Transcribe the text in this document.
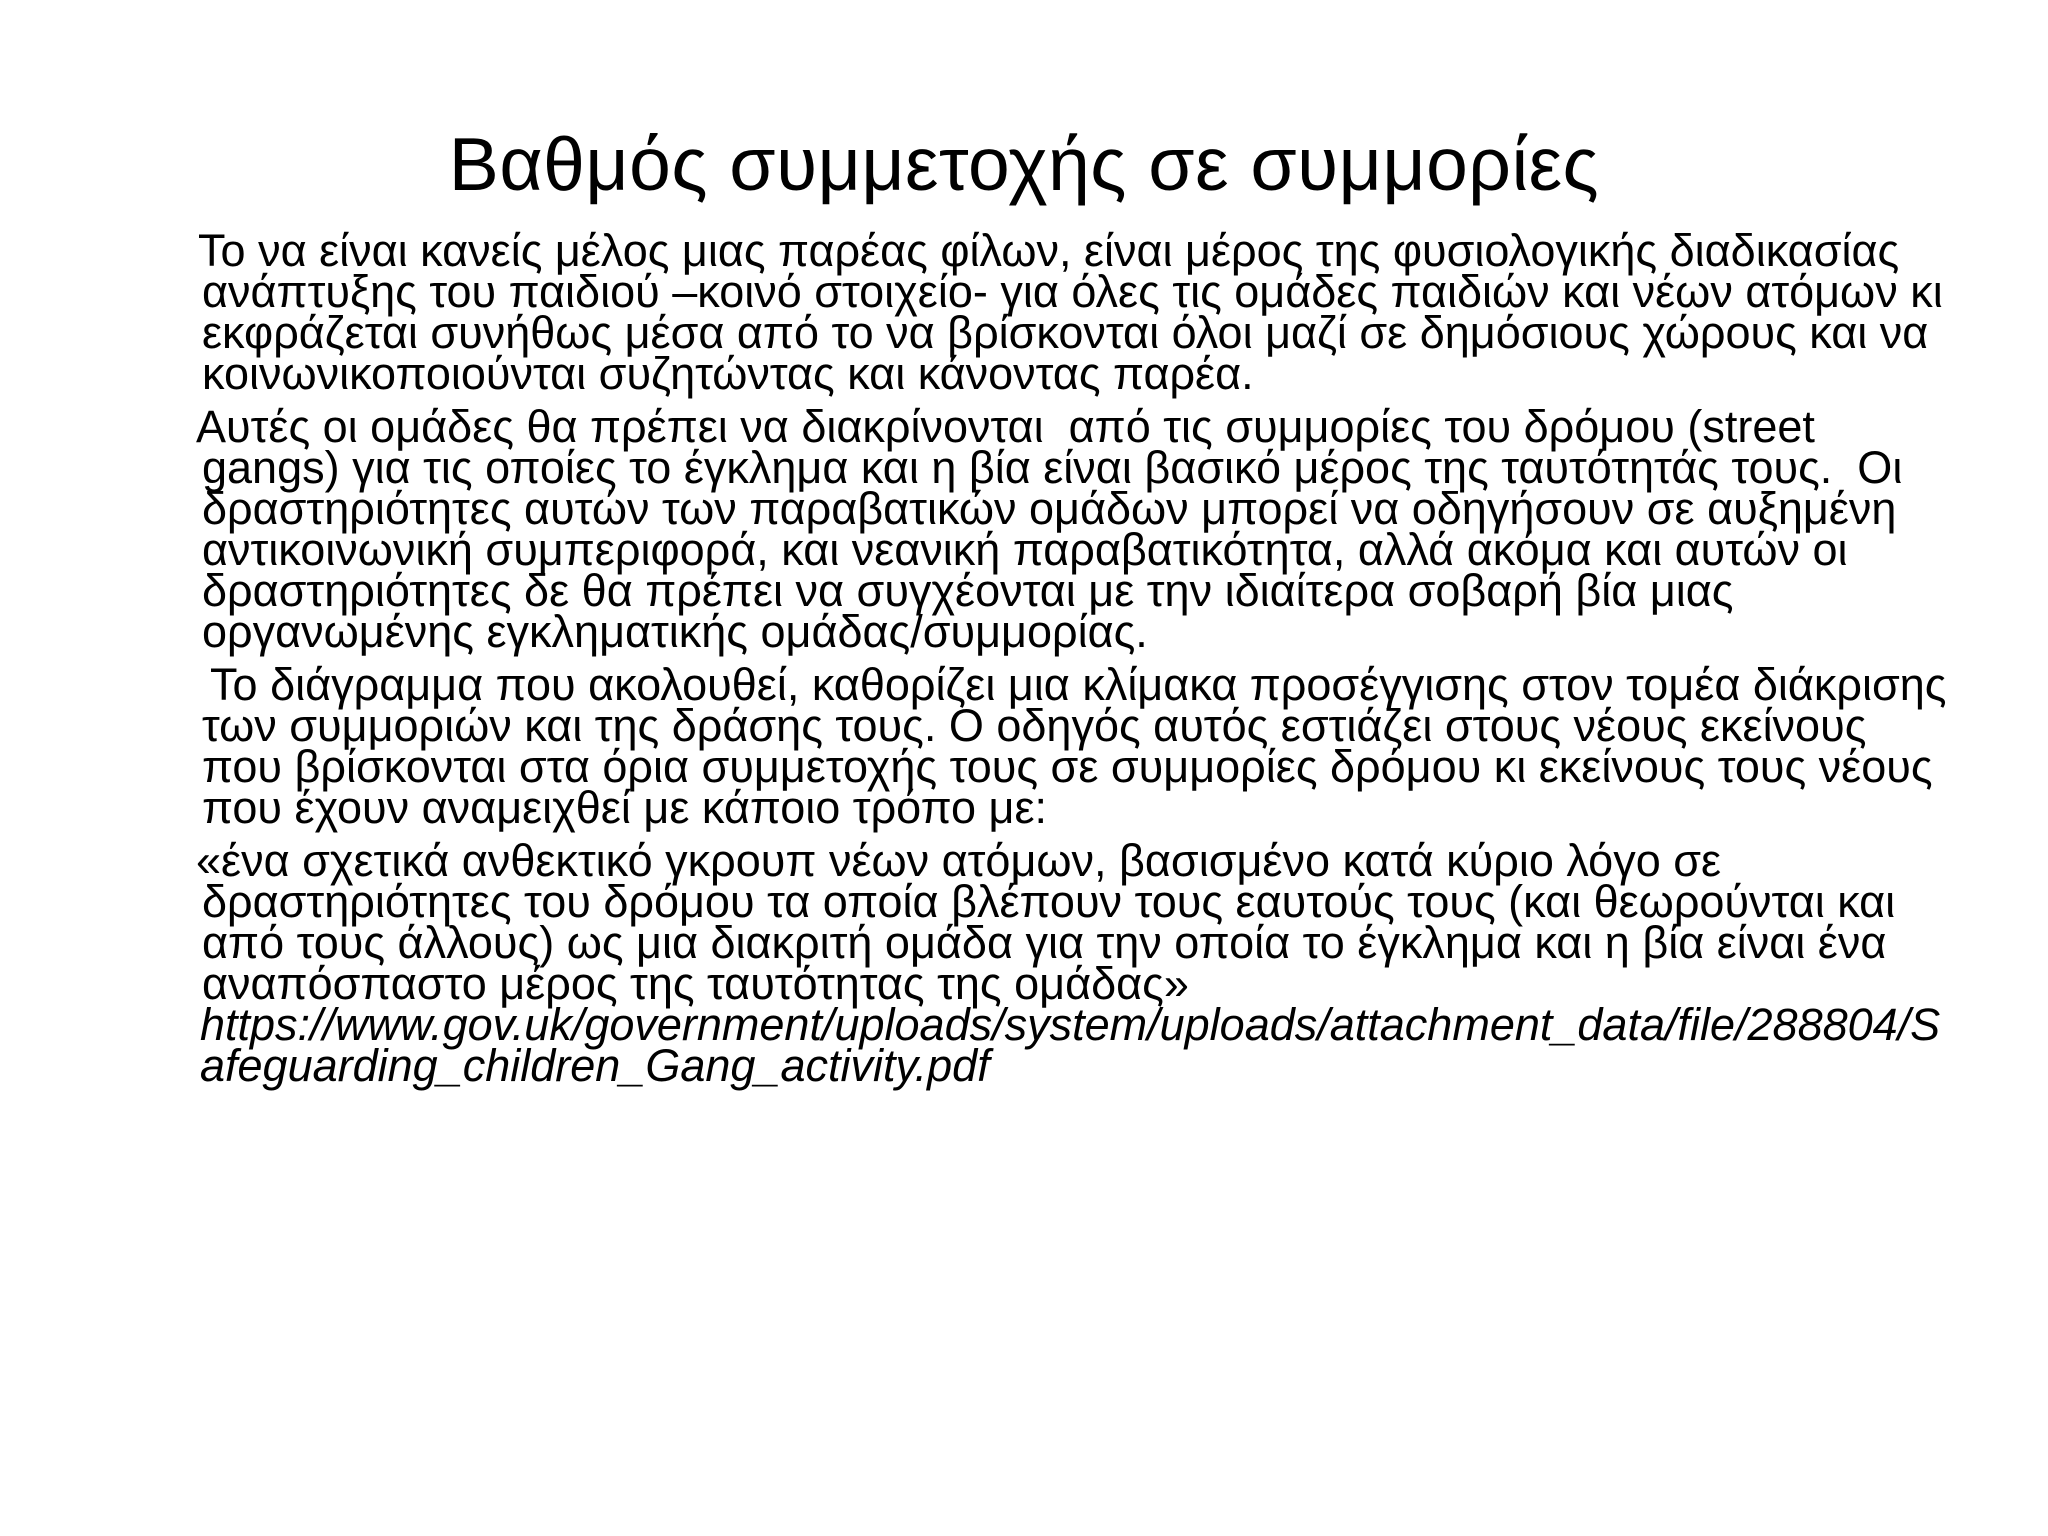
Βαθμός συμμετοχής σε συμμορίες

Το να είναι κανείς μέλος μιας παρέας φίλων, είναι μέρος της φυσιολογικής διαδικασίας ανάπτυξης του παιδιού –κοινό στοιχείο- για όλες τις ομάδες παιδιών και νέων ατόμων κι εκφράζεται συνήθως μέσα από το να βρίσκονται όλοι μαζί σε δημόσιους χώρους και να κοινωνικοποιούνται συζητώντας και κάνοντας παρέα.

Αυτές οι ομάδες θα πρέπει να διακρίνονται  από τις συμμορίες του δρόμου (street gangs) για τις οποίες το έγκλημα και η βία είναι βασικό μέρος της ταυτότητάς τους.  Οι δραστηριότητες αυτών των παραβατικών ομάδων μπορεί να οδηγήσουν σε αυξημένη αντικοινωνική συμπεριφορά, και νεανική παραβατικότητα, αλλά ακόμα και αυτών οι δραστηριότητες δε θα πρέπει να συγχέονται με την ιδιαίτερα σοβαρή βία μιας οργανωμένης εγκληματικής ομάδας/συμμορίας.

Το διάγραμμα που ακολουθεί, καθορίζει μια κλίμακα προσέγγισης στον τομέα διάκρισης των συμμοριών και της δράσης τους. Ο οδηγός αυτός εστιάζει στους νέους εκείνους που βρίσκονται στα όρια συμμετοχής τους σε συμμορίες δρόμου κι εκείνους τους νέους που έχουν αναμειχθεί με κάποιο τρόπο με:

«ένα σχετικά ανθεκτικό γκρουπ νέων ατόμων, βασισμένο κατά κύριο λόγο σε δραστηριότητες του δρόμου τα οποία βλέπουν τους εαυτούς τους (και θεωρούνται και από τους άλλους) ως μια διακριτή ομάδα για την οποία το έγκλημα και η βία είναι ένα αναπόσπαστο μέρος της ταυτότητας της ομάδας»

https://www.gov.uk/government/uploads/system/uploads/attachment_data/file/288804/Safeguarding_children_Gang_activity.pdf
